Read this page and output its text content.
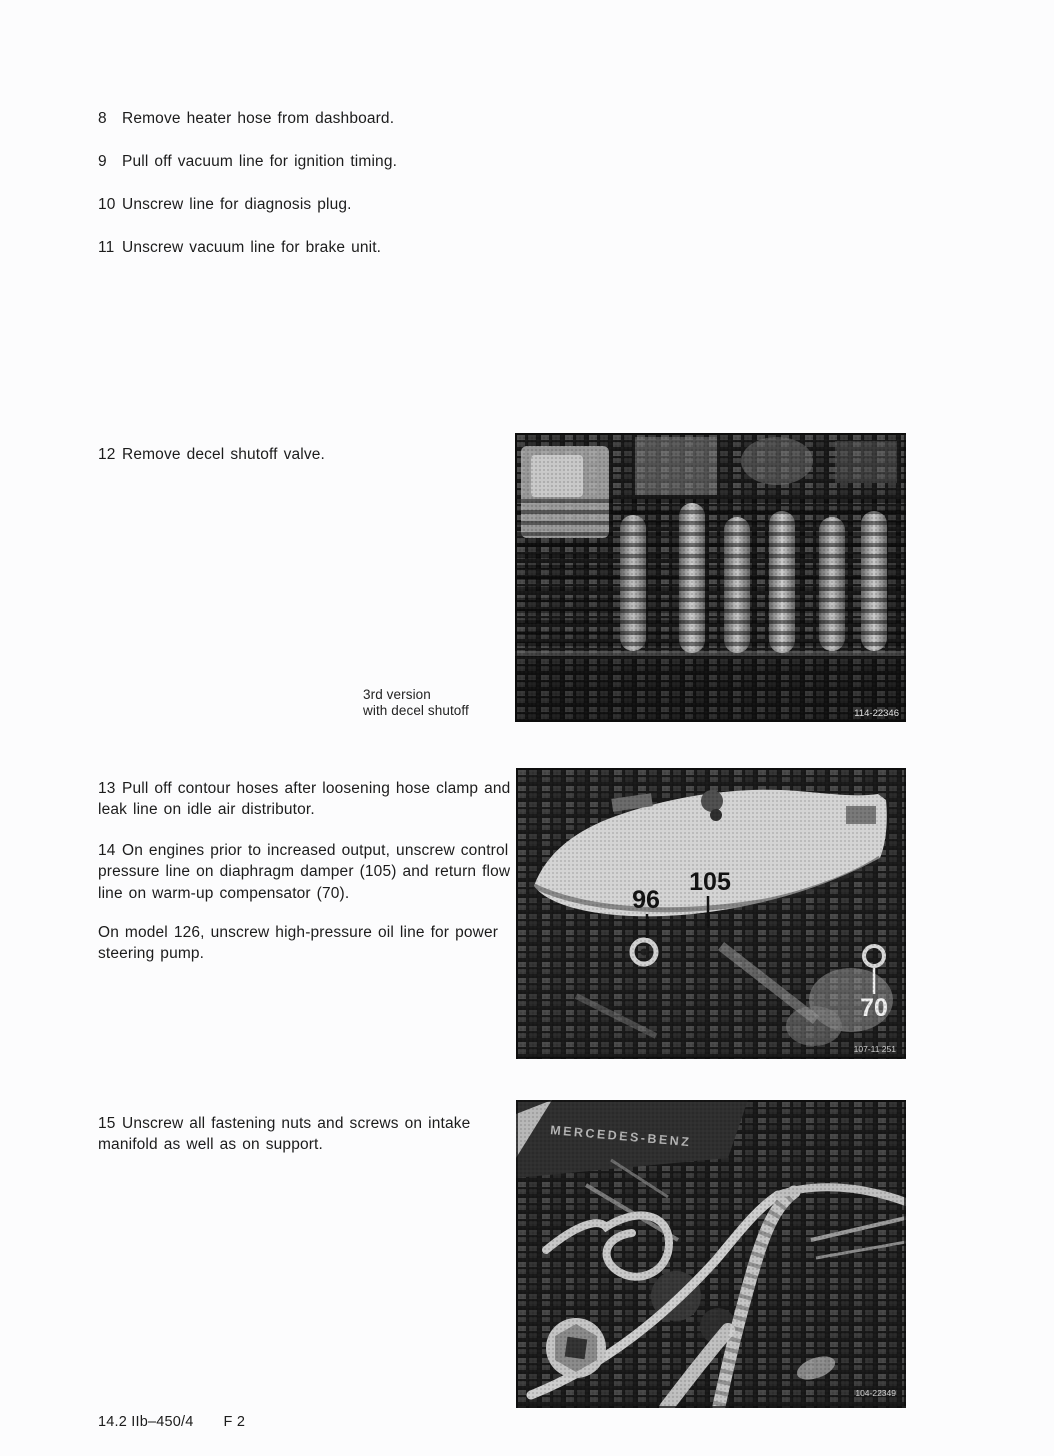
8 Remove heater hose from dashboard.

9 Pull off vacuum line for ignition timing.

10 Unscrew line for diagnosis plug.

11 Unscrew vacuum line for brake unit.

12 Remove decel shutoff valve.

13 Pull off contour hoses after loosening hose clamp and leak line on idle air distributor.

14 On engines prior to increased output, unscrew control pressure line on diaphragm damper (105) and return flow line on warm-up compensator (70).

On model 126, unscrew high-pressure oil line for power steering pump.

15 Unscrew all fastening nuts and screws on intake manifold as well as on support.

3rd version
with decel shutoff	114-22346
96
105
70
107-11 251
MERCEDES-BENZ
104-22349
14.2 IIb–450/4 F 2
